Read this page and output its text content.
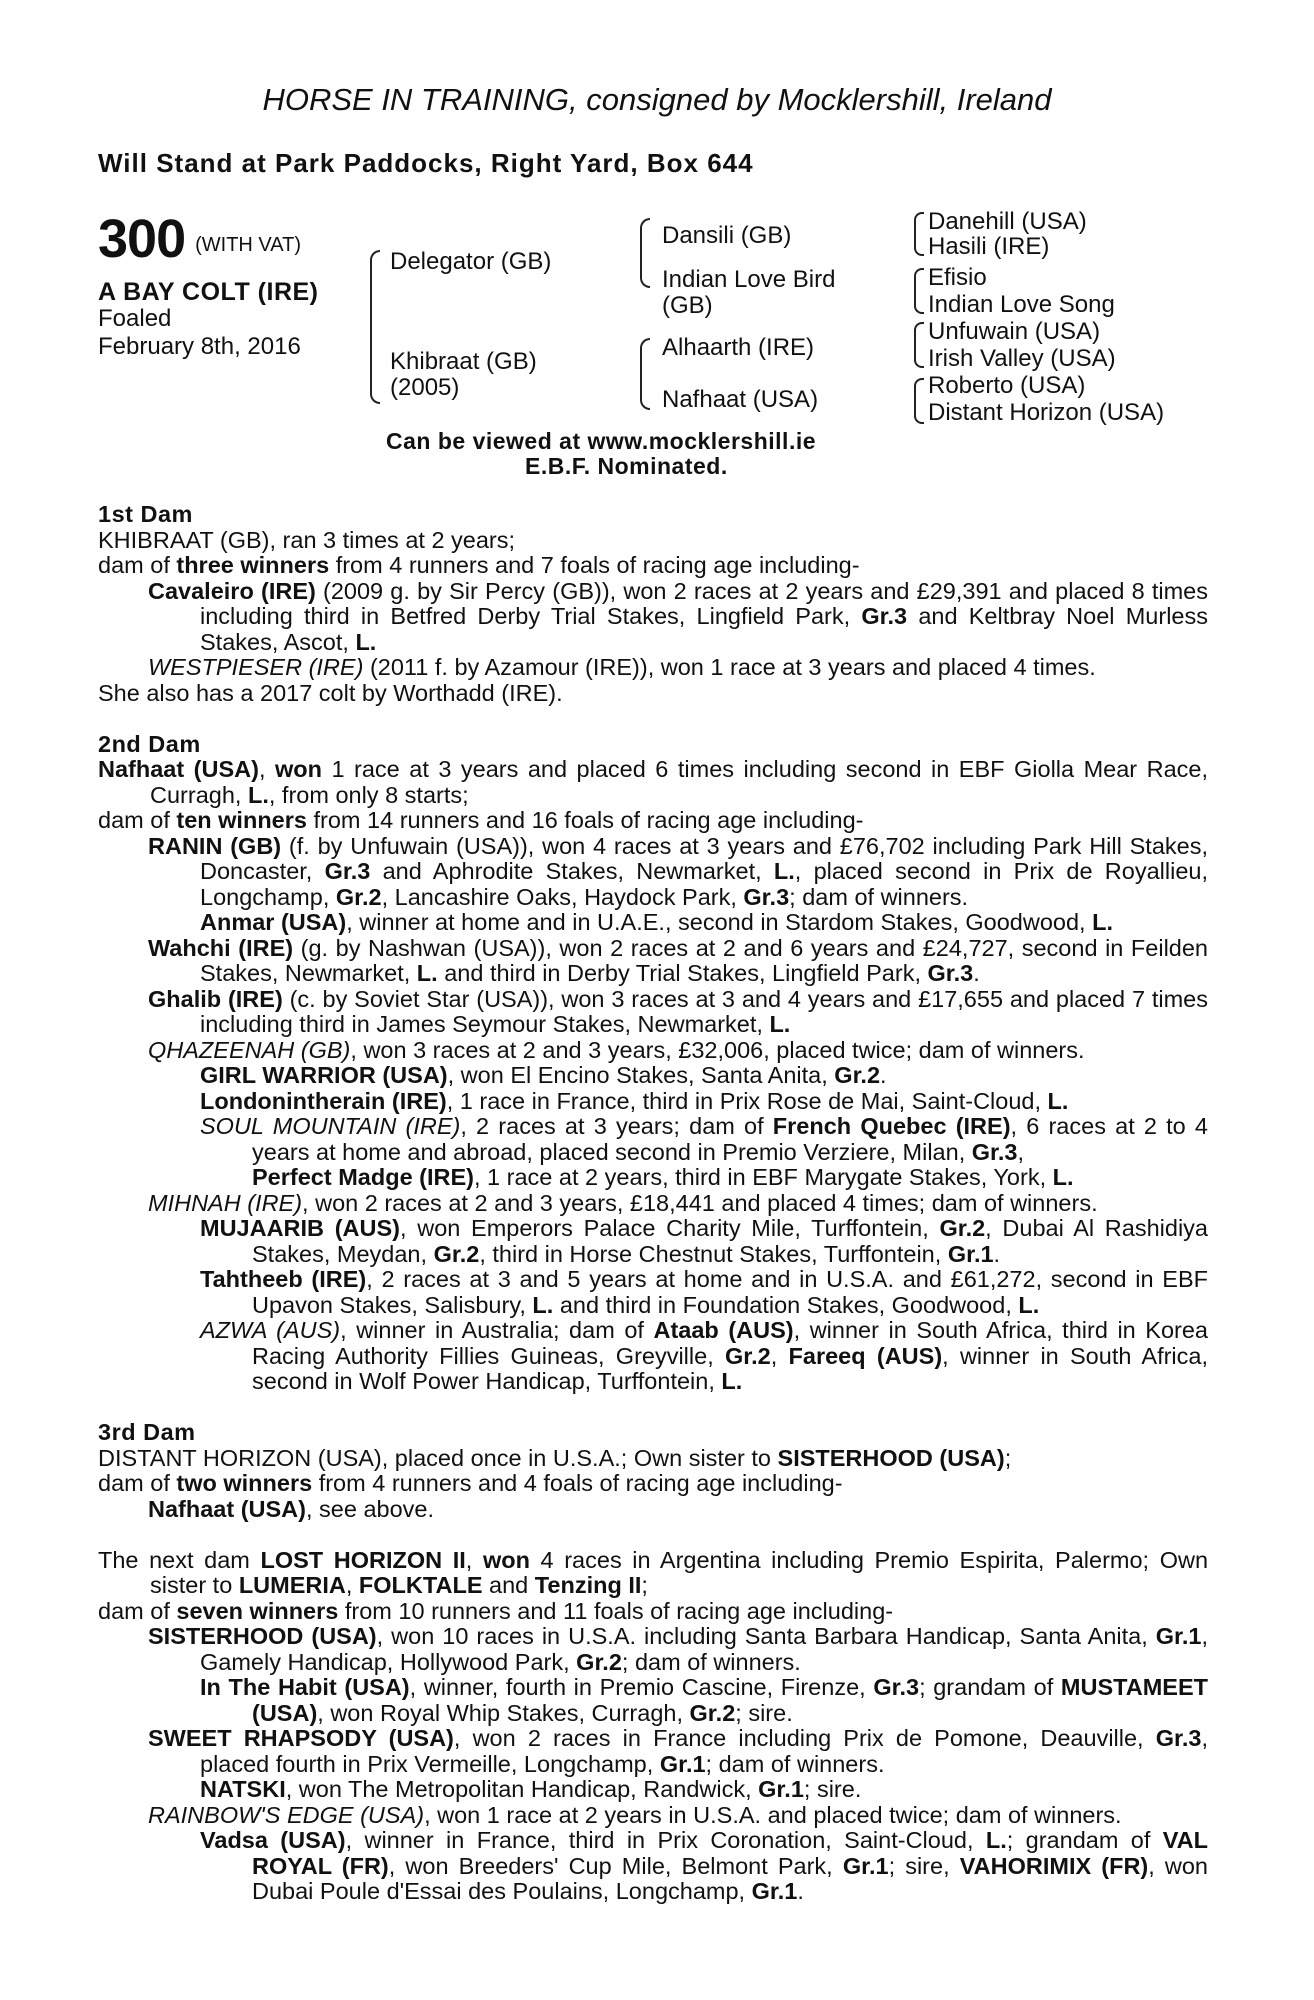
HORSE IN TRAINING, consigned by Mocklershill, Ireland
Will Stand at Park Paddocks, Right Yard, Box 644
300 (WITH VAT)
A BAY COLT (IRE)
Foaled
February 8th, 2016
Delegator (GB)
Khibraat (GB)
(2005)
Dansili (GB)
Indian Love Bird
(GB)
Alhaarth (IRE)
Nafhaat (USA)
Danehill (USA)
Hasili (IRE)
Efisio
Indian Love Song
Unfuwain (USA)
Irish Valley (USA)
Roberto (USA)
Distant Horizon (USA)
Can be viewed at www.mocklershill.ie
E.B.F. Nominated.
1st Dam
KHIBRAAT (GB), ran 3 times at 2 years;
dam of three winners from 4 runners and 7 foals of racing age including-
Cavaleiro (IRE) (2009 g. by Sir Percy (GB)), won 2 races at 2 years and £29,391 and placed 8 times including third in Betfred Derby Trial Stakes, Lingfield Park, Gr.3 and Keltbray Noel Murless Stakes, Ascot, L.
WESTPIESER (IRE) (2011 f. by Azamour (IRE)), won 1 race at 3 years and placed 4 times.
She also has a 2017 colt by Worthadd (IRE).
2nd Dam
Nafhaat (USA), won 1 race at 3 years and placed 6 times including second in EBF Giolla Mear Race, Curragh, L., from only 8 starts;
dam of ten winners from 14 runners and 16 foals of racing age including-
RANIN (GB) (f. by Unfuwain (USA)), won 4 races at 3 years and £76,702 including Park Hill Stakes, Doncaster, Gr.3 and Aphrodite Stakes, Newmarket, L., placed second in Prix de Royallieu, Longchamp, Gr.2, Lancashire Oaks, Haydock Park, Gr.3; dam of winners.
Anmar (USA), winner at home and in U.A.E., second in Stardom Stakes, Goodwood, L.
Wahchi (IRE) (g. by Nashwan (USA)), won 2 races at 2 and 6 years and £24,727, second in Feilden Stakes, Newmarket, L. and third in Derby Trial Stakes, Lingfield Park, Gr.3.
Ghalib (IRE) (c. by Soviet Star (USA)), won 3 races at 3 and 4 years and £17,655 and placed 7 times including third in James Seymour Stakes, Newmarket, L.
QHAZEENAH (GB), won 3 races at 2 and 3 years, £32,006, placed twice; dam of winners.
GIRL WARRIOR (USA), won El Encino Stakes, Santa Anita, Gr.2.
Londonintherain (IRE), 1 race in France, third in Prix Rose de Mai, Saint-Cloud, L.
SOUL MOUNTAIN (IRE), 2 races at 3 years; dam of French Quebec (IRE), 6 races at 2 to 4 years at home and abroad, placed second in Premio Verziere, Milan, Gr.3,
Perfect Madge (IRE), 1 race at 2 years, third in EBF Marygate Stakes, York, L.
MIHNAH (IRE), won 2 races at 2 and 3 years, £18,441 and placed 4 times; dam of winners.
MUJAARIB (AUS), won Emperors Palace Charity Mile, Turffontein, Gr.2, Dubai Al Rashidiya Stakes, Meydan, Gr.2, third in Horse Chestnut Stakes, Turffontein, Gr.1.
Tahtheeb (IRE), 2 races at 3 and 5 years at home and in U.S.A. and £61,272, second in EBF Upavon Stakes, Salisbury, L. and third in Foundation Stakes, Goodwood, L.
AZWA (AUS), winner in Australia; dam of Ataab (AUS), winner in South Africa, third in Korea Racing Authority Fillies Guineas, Greyville, Gr.2, Fareeq (AUS), winner in South Africa, second in Wolf Power Handicap, Turffontein, L.
3rd Dam
DISTANT HORIZON (USA), placed once in U.S.A.; Own sister to SISTERHOOD (USA);
dam of two winners from 4 runners and 4 foals of racing age including-
Nafhaat (USA), see above.
The next dam LOST HORIZON II, won 4 races in Argentina including Premio Espirita, Palermo; Own sister to LUMERIA, FOLKTALE and Tenzing II;
dam of seven winners from 10 runners and 11 foals of racing age including-
SISTERHOOD (USA), won 10 races in U.S.A. including Santa Barbara Handicap, Santa Anita, Gr.1, Gamely Handicap, Hollywood Park, Gr.2; dam of winners.
In The Habit (USA), winner, fourth in Premio Cascine, Firenze, Gr.3; grandam of MUSTAMEET (USA), won Royal Whip Stakes, Curragh, Gr.2; sire.
SWEET RHAPSODY (USA), won 2 races in France including Prix de Pomone, Deauville, Gr.3, placed fourth in Prix Vermeille, Longchamp, Gr.1; dam of winners.
NATSKI, won The Metropolitan Handicap, Randwick, Gr.1; sire.
RAINBOW'S EDGE (USA), won 1 race at 2 years in U.S.A. and placed twice; dam of winners.
Vadsa (USA), winner in France, third in Prix Coronation, Saint-Cloud, L.; grandam of VAL ROYAL (FR), won Breeders' Cup Mile, Belmont Park, Gr.1; sire, VAHORIMIX (FR), won Dubai Poule d'Essai des Poulains, Longchamp, Gr.1.
